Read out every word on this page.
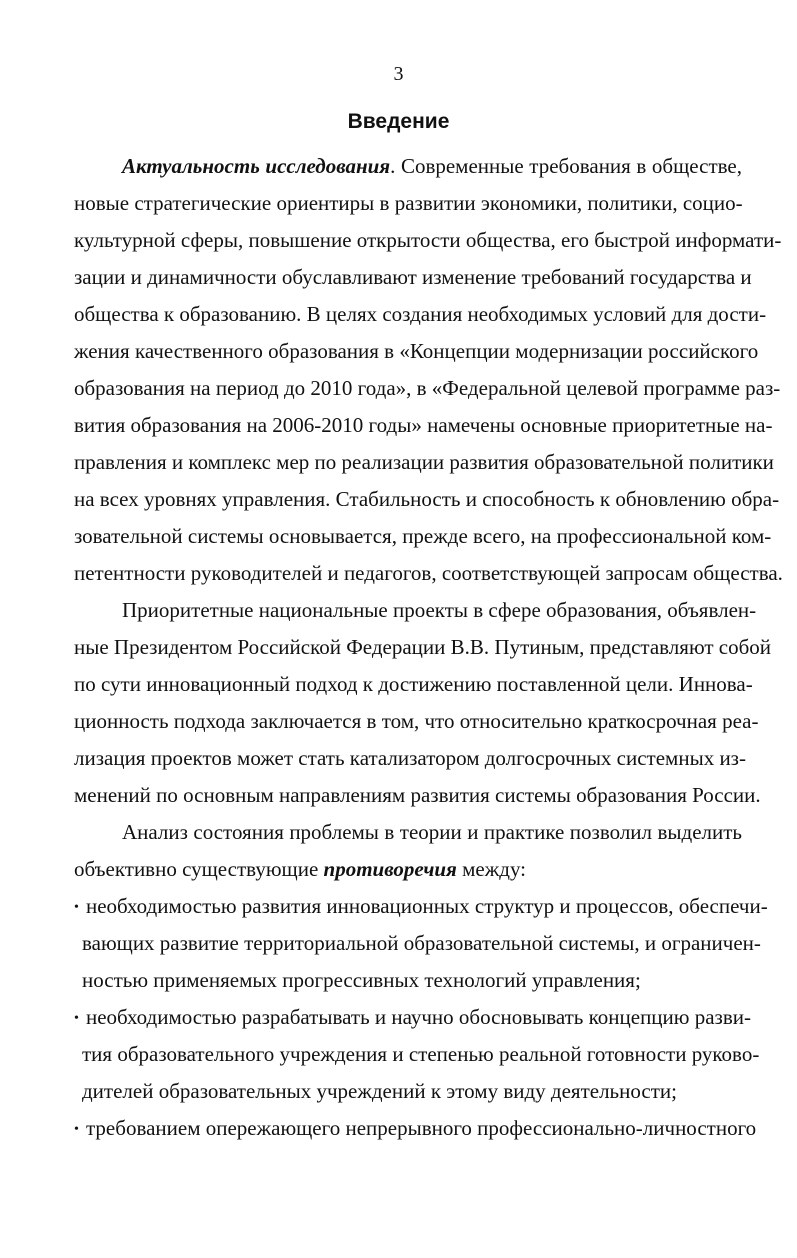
3
Введение
Актуальность исследования. Современные требования в обществе,
новые стратегические ориентиры в развитии экономики, политики, социо-
культурной сферы, повышение открытости общества, его быстрой информати-
зации и динамичности обуславливают изменение требований государства и
общества к образованию. В целях создания необходимых условий для дости-
жения качественного образования в «Концепции модернизации российского
образования на период до 2010 года», в «Федеральной целевой программе раз-
вития образования на 2006-2010 годы» намечены основные приоритетные на-
правления и комплекс мер по реализации развития образовательной политики
на всех уровнях управления. Стабильность и способность к обновлению обра-
зовательной системы основывается, прежде всего, на профессиональной ком-
петентности руководителей и педагогов, соответствующей запросам общества.
Приоритетные национальные проекты в сфере образования, объявлен-
ные Президентом Российской Федерации В.В. Путиным, представляют собой
по сути инновационный подход к достижению поставленной цели. Иннова-
ционность подхода заключается в том, что относительно краткосрочная реа-
лизация проектов может стать катализатором долгосрочных системных из-
менений по основным направлениям развития системы образования России.
Анализ состояния проблемы в теории и практике позволил выделить
объективно существующие противоречия между:
• необходимостью развития инновационных структур и процессов, обеспечи-
вающих развитие территориальной образовательной системы, и ограничен-
ностью применяемых прогрессивных технологий управления;
• необходимостью разрабатывать и научно обосновывать концепцию разви-
тия образовательного учреждения и степенью реальной готовности руково-
дителей образовательных учреждений к этому виду деятельности;
• требованием опережающего непрерывного профессионально-личностного
